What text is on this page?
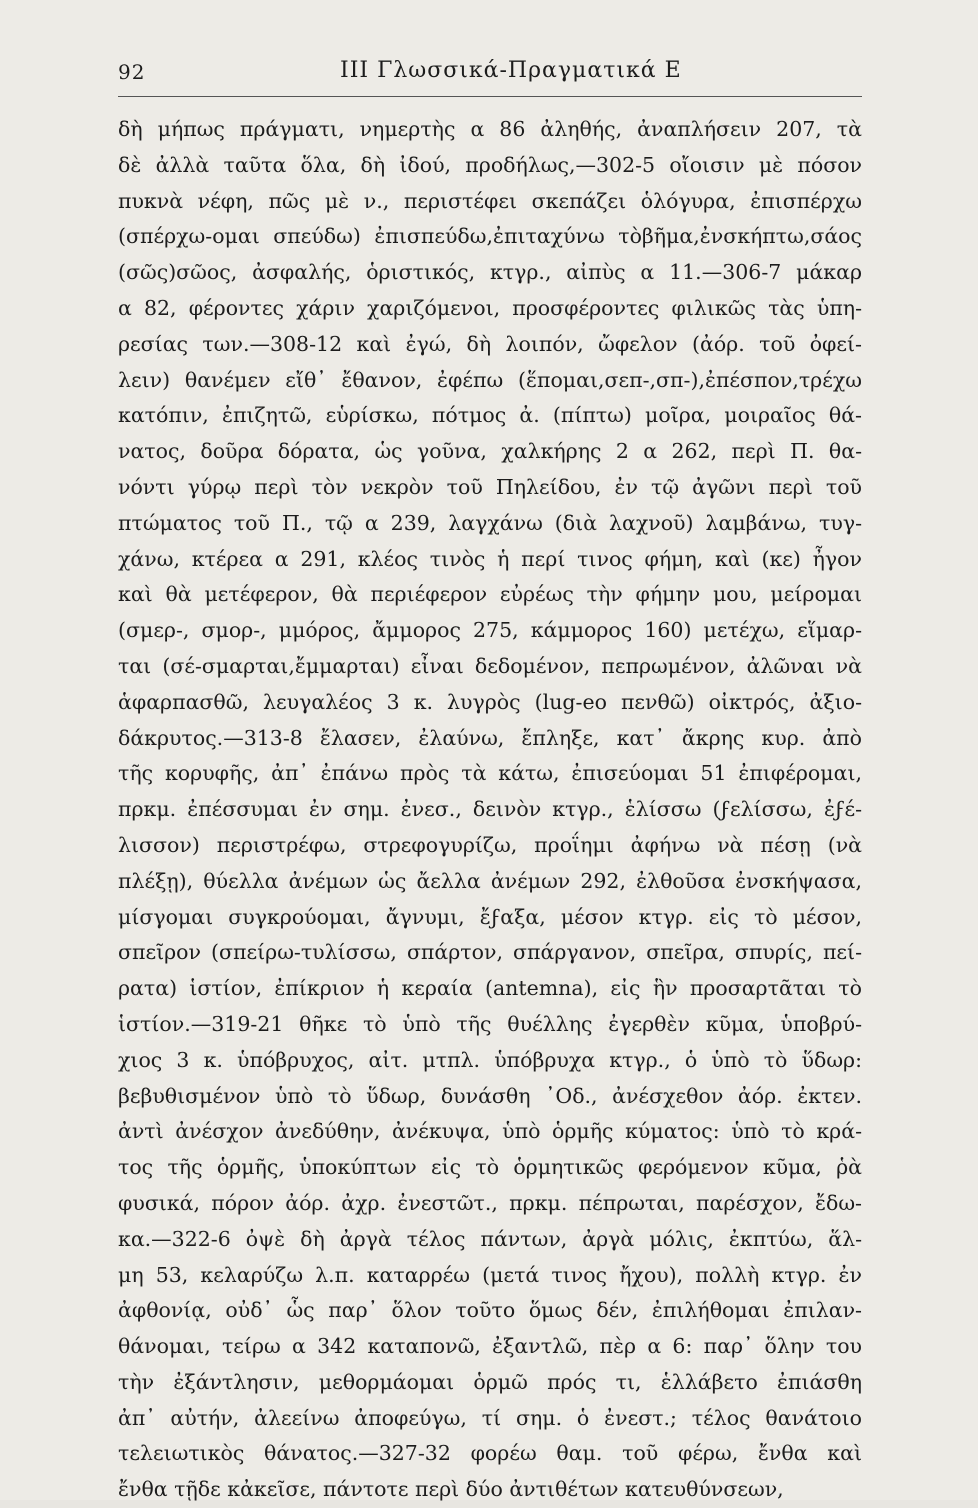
92	ΙΙΙ Γλωσσικά-Πραγματικά Ε
δὴ μήπως πράγματι, νημερτὴς α 86 ἀληθής, ἀναπλήσειν 207, τὰ
δὲ ἀλλὰ ταῦτα ὅλα, δὴ ἰδού, προδήλως,—302-5 οἴοισιν μὲ πόσον
πυκνὰ νέφη, πῶς μὲ ν., περιστέφει σκεπάζει ὁλόγυρα, ἐπισπέρχω
(σπέρχω-ομαι σπεύδω) ἐπισπεύδω,ἐπιταχύνω τὸβῆμα,ἐνσκήπτω,σάος
(σῶς)σῶος, ἀσφαλής, ὁριστικός, κτγρ., αἰπὺς α 11.—306-7 μάκαρ
α 82, φέροντες χάριν χαριζόμενοι, προσφέροντες φιλικῶς τὰς ὑπη-
ρεσίας των.—308-12 καὶ ἐγώ, δὴ λοιπόν, ὤφελον (ἀόρ. τοῦ ὀφεί-
λειν) θανέμεν εἴθ᾽ ἔθανον, ἐφέπω (ἕπομαι,σεπ-,σπ-),ἐπέσπον,τρέχω
κατόπιν, ἐπιζητῶ, εὑρίσκω, πότμος ἀ. (πίπτω) μοῖρα, μοιραῖος θά-
νατος, δοῦρα δόρατα, ὡς γοῦνα, χαλκήρης 2 α 262, περὶ Π. θα-
νόντι γύρῳ περὶ τὸν νεκρὸν τοῦ Πηλείδου, ἐν τῷ ἀγῶνι περὶ τοῦ
πτώματος τοῦ Π., τῷ α 239, λαγχάνω (διὰ λαχνοῦ) λαμβάνω, τυγ-
χάνω, κτέρεα α 291, κλέος τινὸς ἡ περί τινος φήμη, καὶ (κε) ἦγον
καὶ θὰ μετέφερον, θὰ περιέφερον εὐρέως τὴν φήμην μου, μείρομαι
(σμερ-, σμορ-, μμόρος, ἄμμορος 275, κάμμορος 160) μετέχω, εἵμαρ-
ται (σέ-σμαρται,ἔμμαρται) εἶναι δεδομένον, πεπρωμένον, ἀλῶναι νὰ
ἁφαρπασθῶ, λευγαλέος 3 κ. λυγρὸς (lug-eo πενθῶ) οἰκτρός, ἀξιο-
δάκρυτος.—313-8 ἔλασεν, ἐλαύνω, ἔπληξε, κατ᾽ ἄκρης κυρ. ἀπὸ
τῆς κορυφῆς, ἀπ᾽ ἐπάνω πρὸς τὰ κάτω, ἐπισεύομαι 51 ἐπιφέρομαι,
πρκμ. ἐπέσσυμαι ἐν σημ. ἐνεσ., δεινὸν κτγρ., ἑλίσσω (ϝελίσσω, ἐϝέ-
λισσον) περιστρέφω, στρεφογυρίζω, προΐημι ἀφήνω νὰ πέσῃ (νὰ
πλέξῃ), θύελλα ἀνέμων ὡς ἄελλα ἀνέμων 292, ἐλθοῦσα ἐνσκήψασα,
μίσγομαι συγκρούομαι, ἄγνυμι, ἔϝαξα, μέσον κτγρ. εἰς τὸ μέσον,
σπεῖρον (σπείρω-τυλίσσω, σπάρτον, σπάργανον, σπεῖρα, σπυρίς, πεί-
ρατα) ἱστίον, ἐπίκριον ἡ κεραία (antemna), εἰς ἣν προσαρτᾶται τὸ
ἱστίον.—319-21 θῆκε τὸ ὑπὸ τῆς θυέλλης ἐγερθὲν κῦμα, ὑποβρύ-
χιος 3 κ. ὑπόβρυχος, αἰτ. μτπλ. ὑπόβρυχα κτγρ., ὁ ὑπὸ τὸ ὕδωρ:
βεβυθισμένον ὑπὸ τὸ ὕδωρ, δυνάσθη ᾽Οδ., ἀνέσχεθον ἀόρ. ἐκτεν.
ἀντὶ ἀνέσχον ἀνεδύθην, ἀνέκυψα, ὑπὸ ὁρμῆς κύματος: ὑπὸ τὸ κρά-
τος τῆς ὁρμῆς, ὑποκύπτων εἰς τὸ ὁρμητικῶς φερόμενον κῦμα, ῥὰ
φυσικά, πόρον ἀόρ. ἀχρ. ἐνεστῶτ., πρκμ. πέπρωται, παρέσχον, ἔδω-
κα.—322-6 ὀψὲ δὴ ἀργὰ τέλος πάντων, ἀργὰ μόλις, ἐκπτύω, ἅλ-
μη 53, κελαρύζω λ.π. καταρρέω (μετά τινος ἤχου), πολλὴ κτγρ. ἐν
ἀφθονίᾳ, οὐδ᾽ ὧς παρ᾽ ὅλον τοῦτο ὅμως δέν, ἐπιλήθομαι ἐπιλαν-
θάνομαι, τείρω α 342 καταπονῶ, ἐξαντλῶ, πὲρ α 6: παρ᾽ ὅλην του
τὴν ἐξάντλησιν, μεθορμάομαι ὁρμῶ πρός τι, ἑλλάβετο ἐπιάσθη
ἀπ᾽ αὐτήν, ἀλεείνω ἀποφεύγω, τί σημ. ὁ ἐνεστ.; τέλος θανάτοιο
τελειωτικὸς θάνατος.—327-32 φορέω θαμ. τοῦ φέρω, ἔνθα καὶ
ἔνθα τῇδε κἀκεῖσε, πάντοτε περὶ δύο ἀντιθέτων κατευθύνσεων,
